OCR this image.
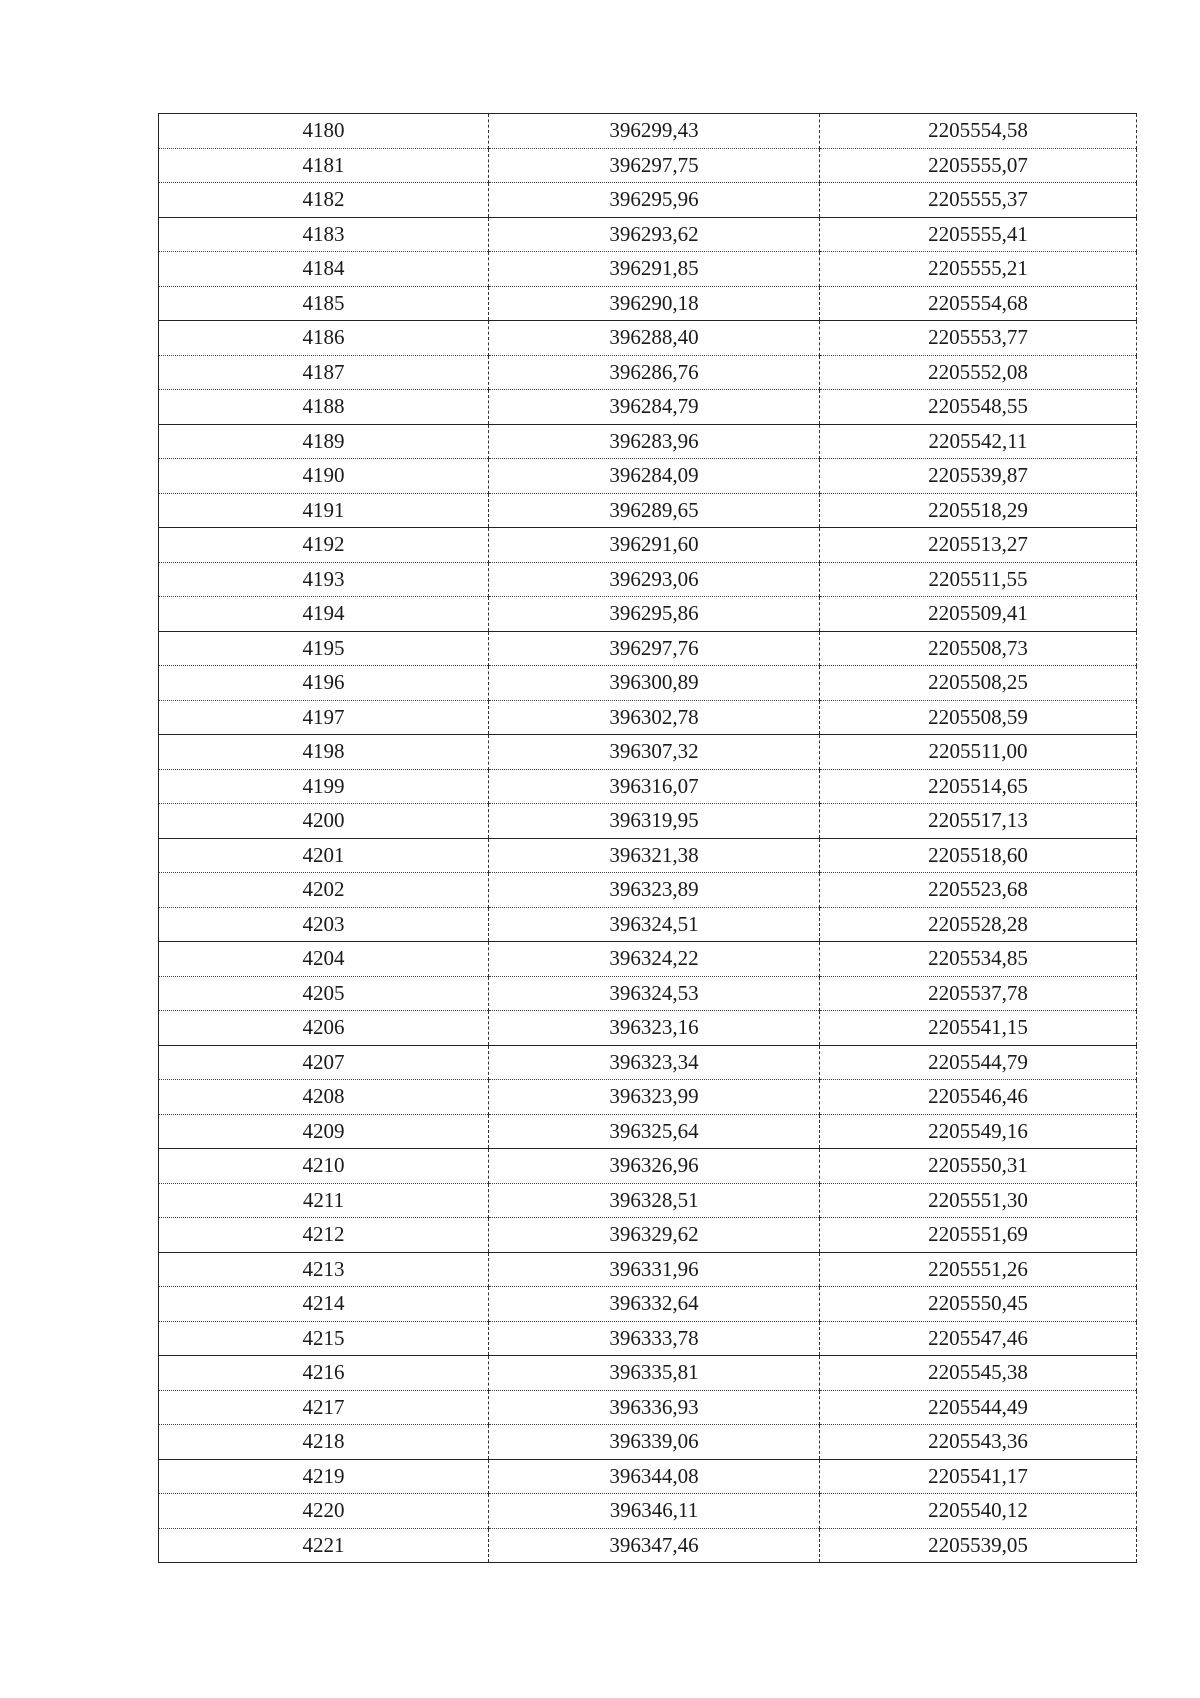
4180	396299,43	2205554,58
4181	396297,75	2205555,07
4182	396295,96	2205555,37
4183	396293,62	2205555,41
4184	396291,85	2205555,21
4185	396290,18	2205554,68
4186	396288,40	2205553,77
4187	396286,76	2205552,08
4188	396284,79	2205548,55
4189	396283,96	2205542,11
4190	396284,09	2205539,87
4191	396289,65	2205518,29
4192	396291,60	2205513,27
4193	396293,06	2205511,55
4194	396295,86	2205509,41
4195	396297,76	2205508,73
4196	396300,89	2205508,25
4197	396302,78	2205508,59
4198	396307,32	2205511,00
4199	396316,07	2205514,65
4200	396319,95	2205517,13
4201	396321,38	2205518,60
4202	396323,89	2205523,68
4203	396324,51	2205528,28
4204	396324,22	2205534,85
4205	396324,53	2205537,78
4206	396323,16	2205541,15
4207	396323,34	2205544,79
4208	396323,99	2205546,46
4209	396325,64	2205549,16
4210	396326,96	2205550,31
4211	396328,51	2205551,30
4212	396329,62	2205551,69
4213	396331,96	2205551,26
4214	396332,64	2205550,45
4215	396333,78	2205547,46
4216	396335,81	2205545,38
4217	396336,93	2205544,49
4218	396339,06	2205543,36
4219	396344,08	2205541,17
4220	396346,11	2205540,12
4221	396347,46	2205539,05
